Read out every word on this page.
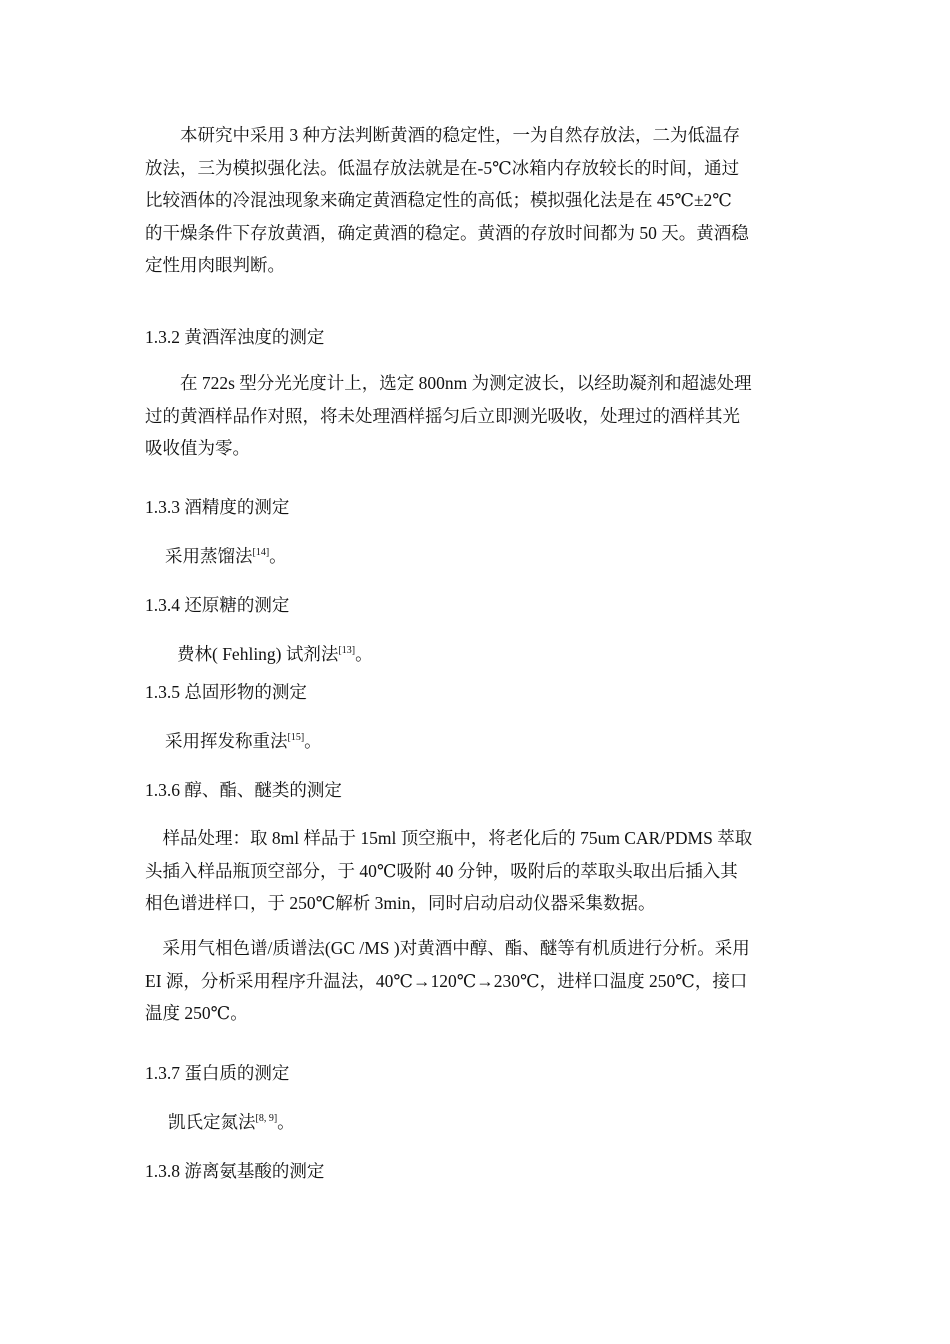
　　本研究中采用 3 种方法判断黄酒的稳定性，一为自然存放法，二为低温存
放法，三为模拟强化法。低温存放法就是在-5℃冰箱内存放较长的时间，通过
比较酒体的冷混浊现象来确定黄酒稳定性的高低；模拟强化法是在 45℃±2℃
的干燥条件下存放黄酒，确定黄酒的稳定。黄酒的存放时间都为 50 天。黄酒稳
定性用肉眼判断。

1.3.2 黄酒浑浊度的测定

　　在 722s 型分光光度计上，选定 800nm 为测定波长，以经助凝剂和超滤处理
过的黄酒样品作对照，将未处理酒样摇匀后立即测光吸收，处理过的酒样其光
吸收值为零。

1.3.3 酒精度的测定

采用蒸馏法[14]。

1.3.4 还原糖的测定

费林( Fehling) 试剂法[13]。

1.3.5 总固形物的测定

采用挥发称重法[15]。

1.3.6 醇、酯、醚类的测定

　样品处理：取 8ml 样品于 15ml 顶空瓶中，将老化后的 75um CAR/PDMS 萃取
头插入样品瓶顶空部分，于 40℃吸附 40 分钟，吸附后的萃取头取出后插入其
相色谱进样口，于 250℃解析 3min，同时启动启动仪器采集数据。

　采用气相色谱/质谱法(GC /MS )对黄酒中醇、酯、醚等有机质进行分析。采用
EI 源，分析采用程序升温法，40℃→120℃→230℃，进样口温度 250℃，接口
温度 250℃。

1.3.7 蛋白质的测定

凯氏定氮法[8, 9]。

1.3.8 游离氨基酸的测定
